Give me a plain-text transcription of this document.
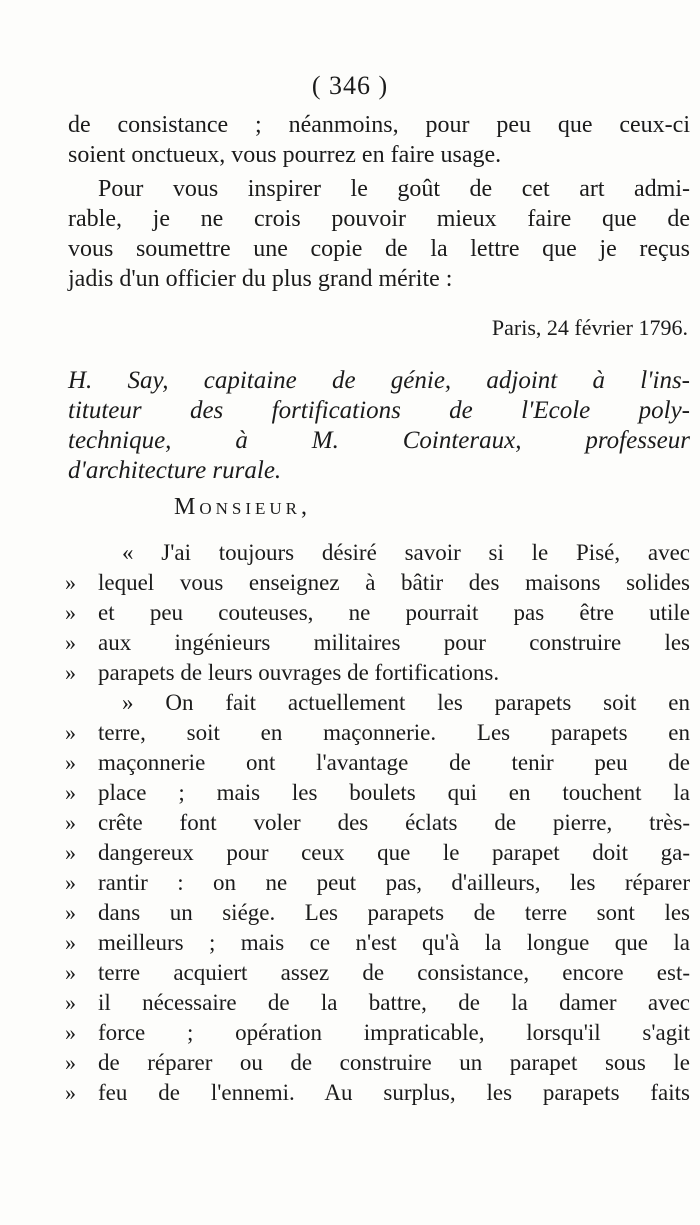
( 346 )
de consistance ; néanmoins, pour peu que ceux-ci
soient onctueux, vous pourrez en faire usage.
Pour vous inspirer le goût de cet art admi-
rable, je ne crois pouvoir mieux faire que de
vous soumettre une copie de la lettre que je reçus
jadis d'un officier du plus grand mérite :
Paris, 24 février 1796.
H. Say, capitaine de génie, adjoint à l'ins-
tituteur des fortifications de l'Ecole poly-
technique, à M. Cointeraux, professeur
d'architecture rurale.
Monsieur,
« J'ai toujours désiré savoir si le Pisé, avec
» lequel vous enseignez à bâtir des maisons solides
» et peu couteuses, ne pourrait pas être utile
» aux ingénieurs militaires pour construire les
» parapets de leurs ouvrages de fortifications.
» On fait actuellement les parapets soit en
» terre, soit en maçonnerie. Les parapets en
» maçonnerie ont l'avantage de tenir peu de
» place ; mais les boulets qui en touchent la
» crête font voler des éclats de pierre, très-
» dangereux pour ceux que le parapet doit ga-
» rantir : on ne peut pas, d'ailleurs, les réparer
» dans un siége. Les parapets de terre sont les
» meilleurs ; mais ce n'est qu'à la longue que la
» terre acquiert assez de consistance, encore est-
» il nécessaire de la battre, de la damer avec
» force ; opération impraticable, lorsqu'il s'agit
» de réparer ou de construire un parapet sous le
» feu de l'ennemi. Au surplus, les parapets faits
